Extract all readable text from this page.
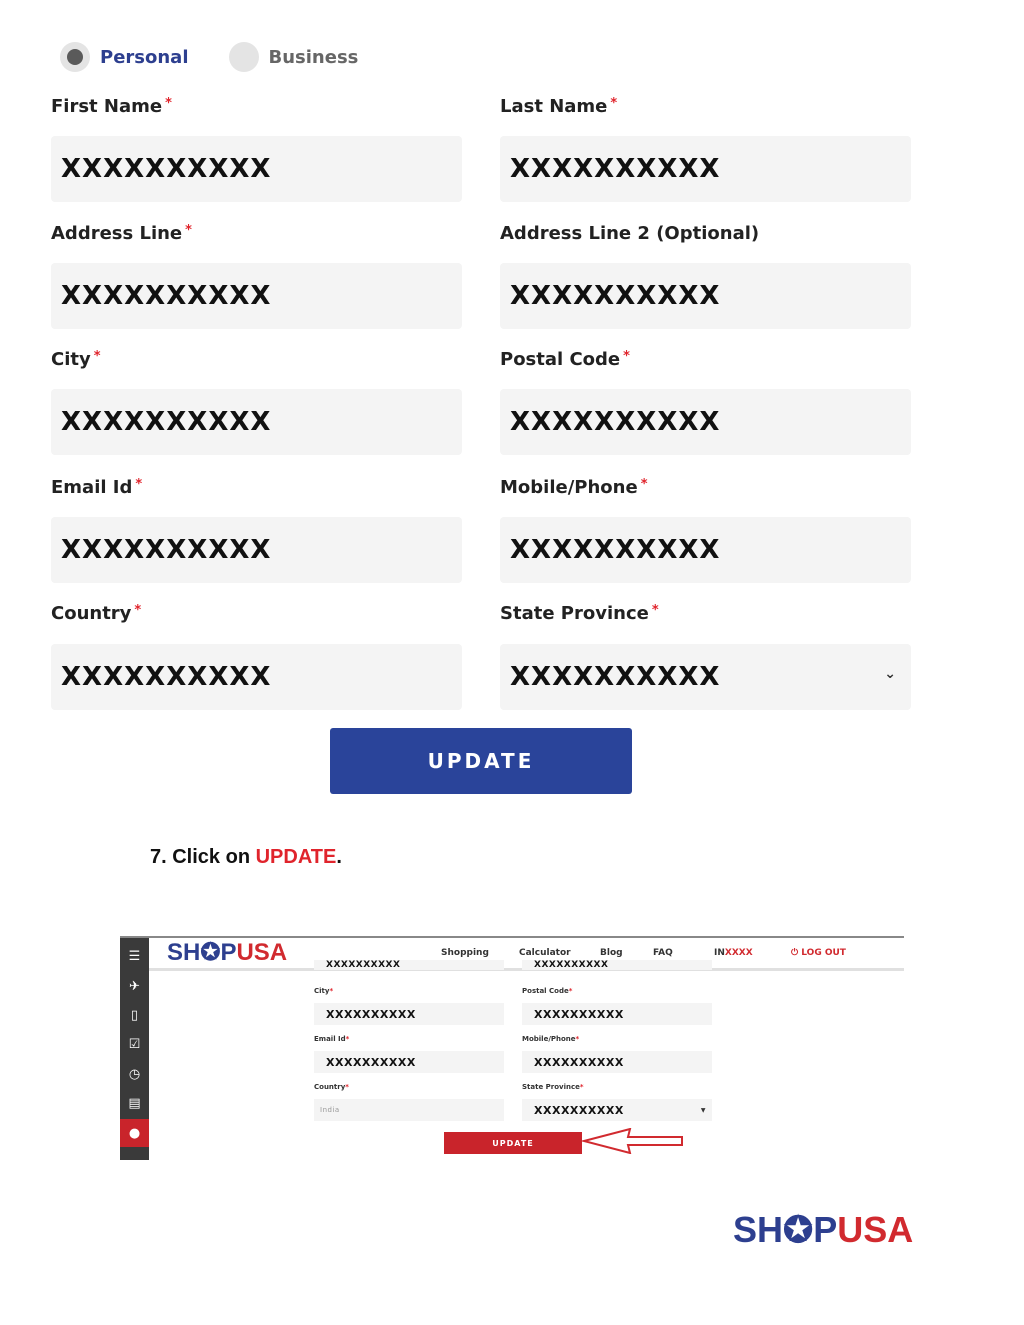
Personal	Business
First Name *
XXXXXXXXXX
Last Name *
XXXXXXXXXX
Address Line *
XXXXXXXXXX
Address Line 2 (Optional)
XXXXXXXXXX
City *
XXXXXXXXXX
Postal Code *
XXXXXXXXXX
Email Id *
XXXXXXXXXX
Mobile/Phone *
XXXXXXXXXX
Country *
XXXXXXXXXX
State Province *
XXXXXXXXXX	⌄
UPDATE
7. Click on UPDATE.
☰
✈
▯
☑
◷
▤
●
SH✪PUSA	Shopping	Calculator	Blog	FAQ	INXXXX	⏻ LOG OUT
XXXXXXXXXX	XXXXXXXXXX
City*
XXXXXXXXXX
Postal Code*
XXXXXXXXXX
Email Id*
XXXXXXXXXX
Mobile/Phone*
XXXXXXXXXX
Country*
India
State Province*
XXXXXXXXXX	▼
UPDATE
SH✪PUSA
